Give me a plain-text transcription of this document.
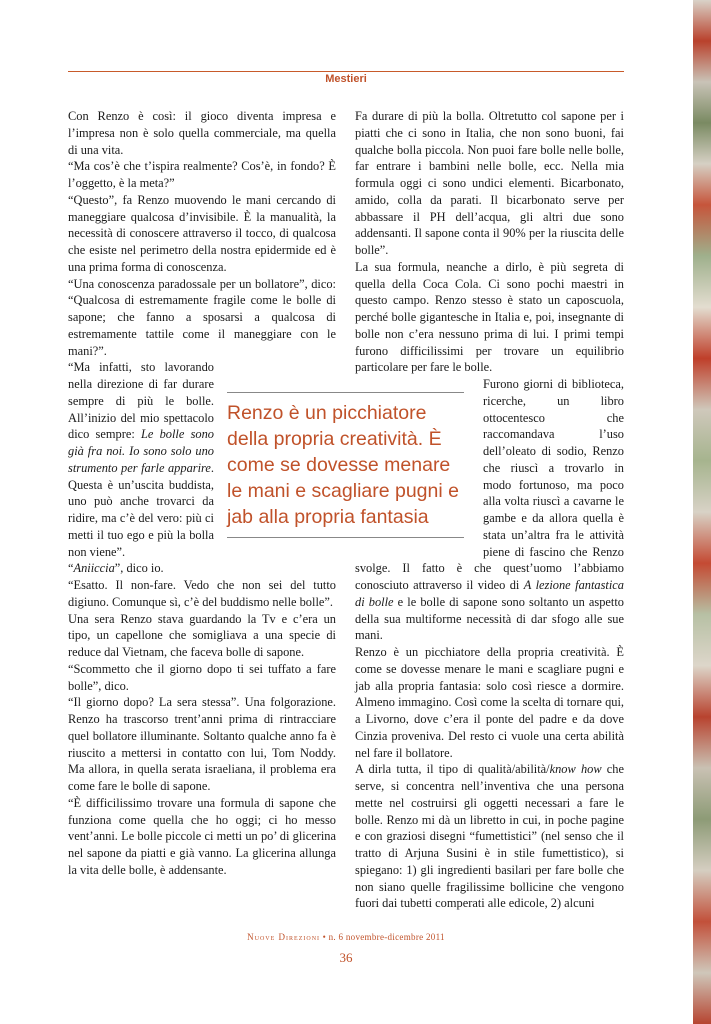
Mestieri

Con Renzo è così: il gioco diventa impresa e l’impresa non è solo quella commerciale, ma quella di una vita.

“Ma cos’è che t’ispira realmente? Cos’è, in fondo? È l’oggetto, è la meta?”

“Questo”, fa Renzo muovendo le mani cercando di maneggiare qualcosa d’invisibile. È la manualità, la necessità di conoscere attraverso il tocco, di qualcosa che esiste nel perimetro della nostra epidermide ed è una prima forma di conoscenza.

“Una conoscenza paradossale per un bollatore”, dico: “Qualcosa di estremamente fragile come le bolle di sapone; che fanno a sposarsi a qualcosa di estremamente tattile come il maneggiare con le mani?”.

“Ma infatti, sto lavorando nella direzione di far durare sempre di più le bolle. All’inizio del mio spettacolo dico sempre: Le bolle sono già fra noi. Io sono solo uno strumento per farle apparire. Questa è un’uscita buddista, uno può anche trovarci da ridire, ma c’è del vero: più ci metti il tuo ego e più la bolla non viene”.

“Aniiccia”, dico io.

“Esatto. Il non-fare. Vedo che non sei del tutto digiuno. Comunque sì, c’è del buddismo nelle bolle”.

Una sera Renzo stava guardando la Tv e c’era un tipo, un capellone che somigliava a una specie di reduce dal Vietnam, che faceva bolle di sapone.

“Scommetto che il giorno dopo ti sei tuffato a fare bolle”, dico.

“Il giorno dopo? La sera stessa”. Una folgorazione. Renzo ha trascorso trent’anni prima di rintracciare quel bollatore illuminante. Soltanto qualche anno fa è riuscito a mettersi in contatto con lui, Tom Noddy. Ma allora, in quella serata israeliana, il problema era come fare le bolle di sapone.

“È difficilissimo trovare una formula di sapone che funziona come quella che ho oggi; ci ho messo vent’anni. Le bolle piccole ci metti un po’ di glicerina nel sapone da piatti e già vanno. La glicerina allunga la vita delle bolle, è addensante.

Fa durare di più la bolla. Oltretutto col sapone per i piatti che ci sono in Italia, che non sono buoni, fai qualche bolla piccola. Non puoi fare bolle nelle bolle, far entrare i bambini nelle bolle, ecc. Nella mia formula oggi ci sono undici elementi. Bicarbonato, amido, colla da parati. Il bicarbonato serve per abbassare il PH dell’acqua, gli altri due sono addensanti. Il sapone conta il 90% per la riuscita delle bolle”.

La sua formula, neanche a dirlo, è più segreta di quella della Coca Cola. Ci sono pochi maestri in questo campo. Renzo stesso è stato un caposcuola, perché bolle gigantesche in Italia e, poi, insegnante di bolle non c’era nessuno prima di lui. I primi tempi furono difficilissimi per trovare un equilibrio particolare per fare le bolle.

Furono giorni di biblioteca, ricerche, un libro ottocentesco che raccomandava l’uso dell’oleato di sodio, Renzo che riuscì a trovarlo in modo fortunoso, ma poco alla volta riuscì a cavarne le gambe e da allora quella è stata un’altra fra le attività piene di fascino che Renzo svolge. Il fatto è che quest’uomo l’abbiamo conosciuto attraverso il video di A lezione fantastica di bolle e le bolle di sapone sono soltanto un aspetto della sua multiforme necessità di dar sfogo alle sue mani.

Renzo è un picchiatore della propria creatività. È come se dovesse menare le mani e scagliare pugni e jab alla propria fantasia: solo così riesce a dormire. Almeno immagino. Così come la scelta di tornare qui, a Livorno, dove c’era il ponte del padre e da dove Cinzia proveniva. Del resto ci vuole una certa abilità nel fare il bollatore.

A dirla tutta, il tipo di qualità/abilità/know how che serve, si concentra nell’inventiva che una persona mette nel costruirsi gli oggetti necessari a fare le bolle. Renzo mi dà un libretto in cui, in poche pagine e con graziosi disegni “fumettistici” (nel senso che il tratto di Arjuna Susini è in stile fumettistico), si spiegano: 1) gli ingredienti basilari per fare bolle che non siano quelle fragilissime bollicine che vengono fuori dai tubetti comperati alle edicole, 2) alcuni

Renzo è un picchiatore della propria creatività. È come se dovesse menare le mani e scagliare pugni e jab alla propria fantasia
Nuove Direzioni • n. 6 novembre-dicembre 2011
36
